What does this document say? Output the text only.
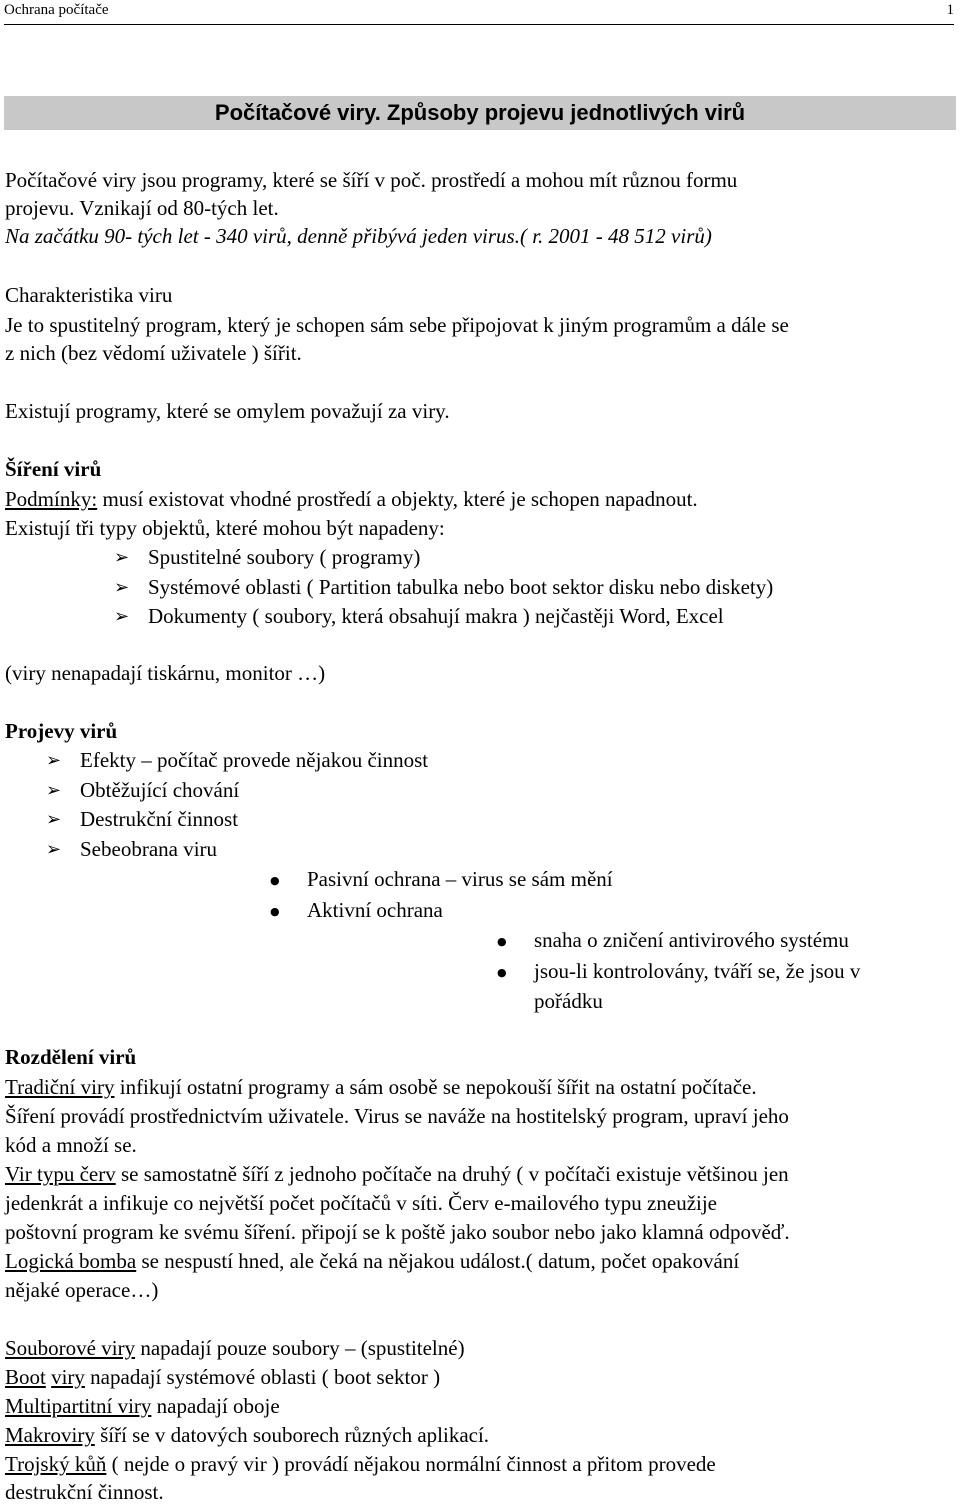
Ochrana počítače	1
Počítačové viry. Způsoby projevu jednotlivých virů
Počítačové viry jsou programy, které se šíří v poč. prostředí a mohou mít různou formu
projevu. Vznikají od 80-tých let.
Na začátku 90- tých let - 340 virů, denně přibývá jeden virus.( r. 2001 - 48 512 virů)
Charakteristika viru
Je to spustitelný program, který je schopen sám sebe připojovat k jiným programům a dále se
z nich (bez vědomí uživatele ) šířit.
Existují programy, které se omylem považují za viry.
Šíření virů
Podmínky: musí existovat vhodné prostředí a objekty, které je schopen napadnout.
Existují tři typy objektů, které mohou být napadeny:
➢ Spustitelné soubory ( programy)
➢ Systémové oblasti ( Partition tabulka nebo boot sektor disku nebo diskety)
➢ Dokumenty ( soubory, která obsahují makra ) nejčastěji Word, Excel
(viry nenapadají tiskárnu, monitor …)
Projevy virů
➢ Efekty – počítač provede nějakou činnost
➢ Obtěžující chování
➢ Destrukční činnost
➢ Sebeobrana viru
● Pasivní ochrana – virus se sám mění
● Aktivní ochrana
● snaha o zničení antivirového systému
● jsou-li kontrolovány, tváří se, že jsou v
pořádku
Rozdělení virů
Tradiční viry infikují ostatní programy a sám osobě se nepokouší šířit na ostatní počítače.
Šíření provádí prostřednictvím uživatele. Virus se naváže na hostitelský program, upraví jeho
kód a množí se.
Vir typu červ se samostatně šíří z jednoho počítače na druhý ( v počítači existuje většinou jen
jedenkrát a infikuje co největší počet počítačů v síti. Červ e-mailového typu zneužije
poštovní program ke svému šíření. připojí se k poště jako soubor nebo jako klamná odpověď.
Logická bomba se nespustí hned, ale čeká na nějakou událost.( datum, počet opakování
nějaké operace…)
Souborové viry napadají pouze soubory – (spustitelné)
Boot viry napadají systémové oblasti ( boot sektor )
Multipartitní viry napadají oboje
Makroviry šíří se v datových souborech různých aplikací.
Trojský kůň ( nejde o pravý vir ) provádí nějakou normální činnost a přitom provede
destrukční činnost.
